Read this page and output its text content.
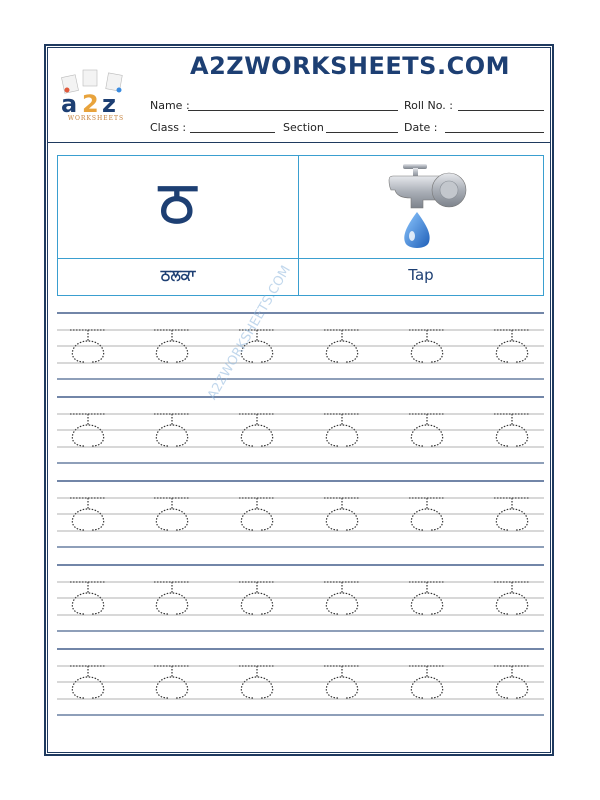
A2ZWORKSHEETS.COM
a 2 z
WORKSHEETS
Name :	Roll No. :
Class :	Section	Date :
ਠ
ਠਲਕਾ	Tap
A2ZWORKSHEETS.COM
